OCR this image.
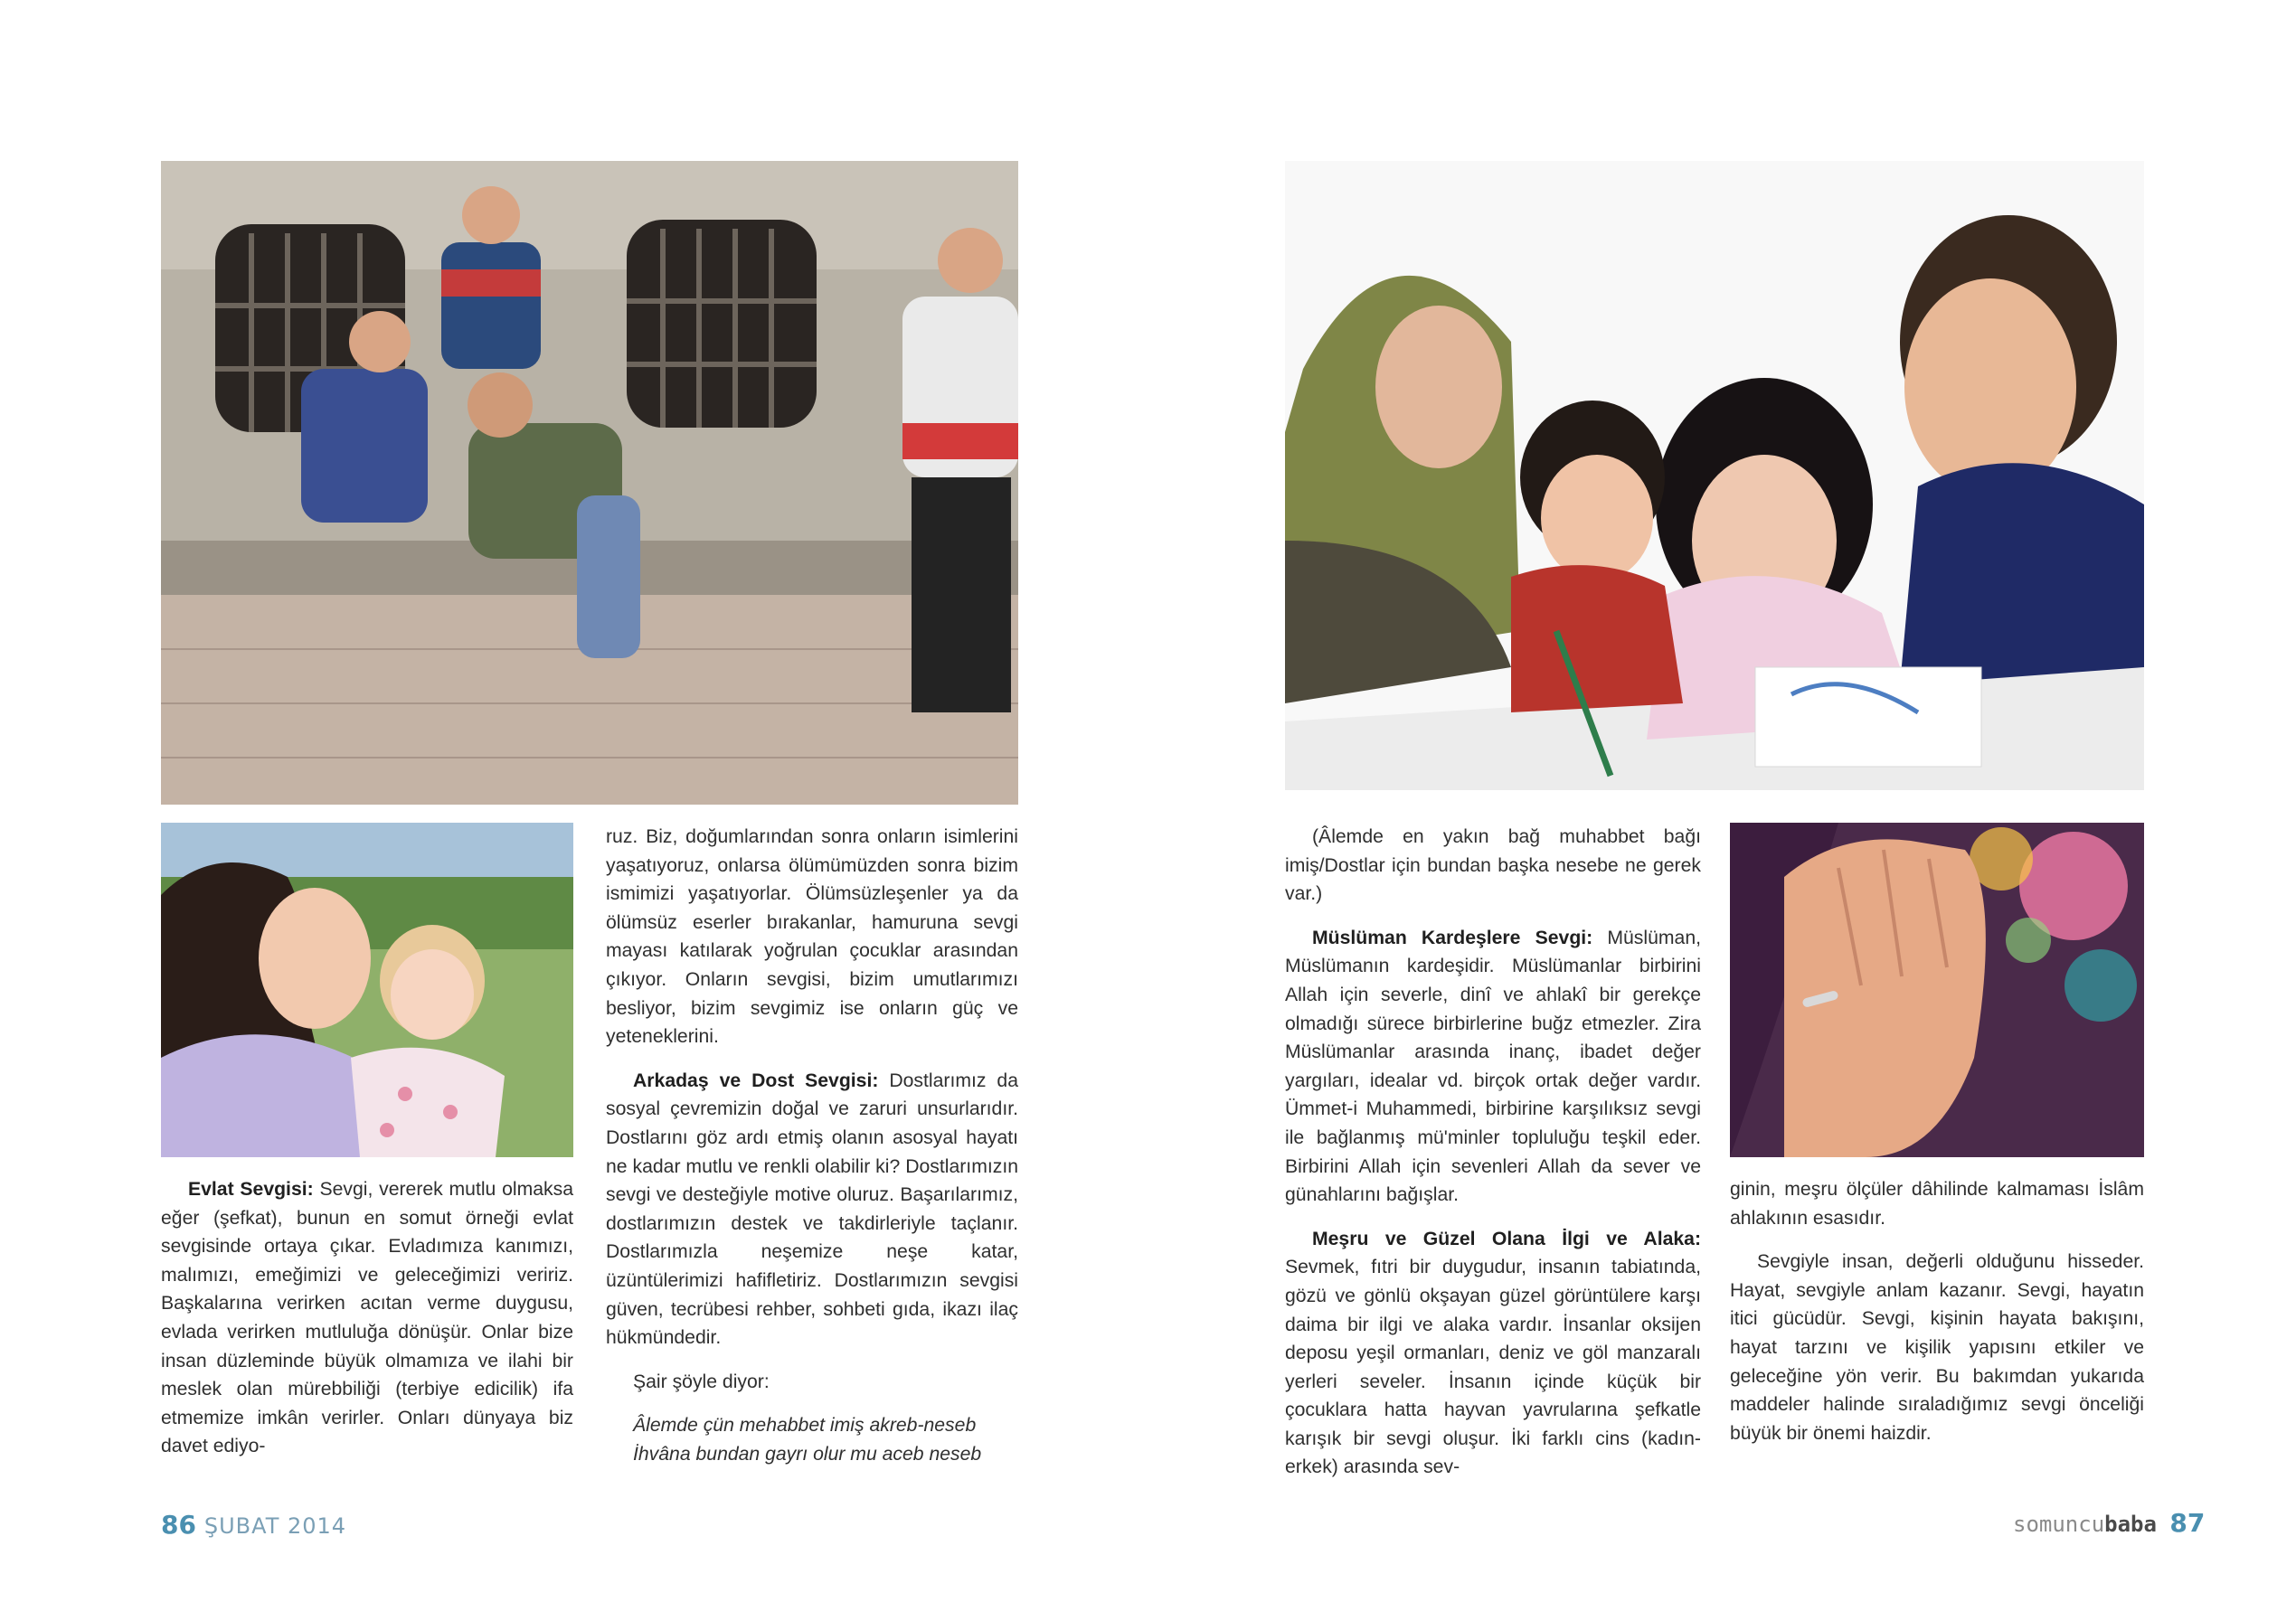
Evlat Sevgisi: Sevgi, vererek mutlu olmaksa eğer (şefkat), bunun en somut örneği evlat sevgisinde ortaya çıkar. Evladımıza kanımızı, malımızı, emeğimizi ve geleceğimizi veririz. Başkalarına verirken acıtan verme duygusu, evlada verirken mutluluğa dönüşür. Onlar bize insan düzleminde büyük olmamıza ve ilahi bir meslek olan mürebbiliği (terbiye edicilik) ifa etmemize imkân verirler. Onları dünyaya biz davet ediyo-

ruz. Biz, doğumlarından sonra onların isimlerini yaşatıyoruz, onlarsa ölümümüzden sonra bizim ismimizi yaşatıyorlar. Ölümsüzleşenler ya da ölümsüz eserler bırakanlar, hamuruna sevgi mayası katılarak yoğrulan çocuklar arasından çıkıyor. Onların sevgisi, bizim umutlarımızı besliyor, bizim sevgimiz ise onların güç ve yeteneklerini.

Arkadaş ve Dost Sevgisi: Dostlarımız da sosyal çevremizin doğal ve zaruri unsurlarıdır. Dostlarını göz ardı etmiş olanın asosyal hayatı ne kadar mutlu ve renkli olabilir ki? Dostlarımızın sevgi ve desteğiyle motive oluruz. Başarılarımız, dostlarımızın destek ve takdirleriyle taçlanır. Dostlarımızla neşemize neşe katar, üzüntülerimizi hafifletiriz. Dostlarımızın sevgisi güven, tecrübesi rehber, sohbeti gıda, ikazı ilaç hükmündedir.

Şair şöyle diyor:

Âlemde çün mehabbet imiş akreb-neseb

İhvâna bundan gayrı olur mu aceb neseb

(Âlemde en yakın bağ muhabbet bağı imiş/Dostlar için bundan başka nesebe ne gerek var.)

Müslüman Kardeşlere Sevgi: Müslüman, Müslümanın kardeşidir. Müslümanlar birbirini Allah için severle, dinî ve ahlakî bir gerekçe olmadığı sürece birbirlerine buğz etmezler. Zira Müslümanlar arasında inanç, ibadet değer yargıları, idealar vd. birçok ortak değer vardır. Ümmet-i Muhammedi, birbirine karşılıksız sevgi ile bağlanmış mü'minler topluluğu teşkil eder. Birbirini Allah için sevenleri Allah da sever ve günahlarını bağışlar.

Meşru ve Güzel Olana İlgi ve Alaka: Sevmek, fıtri bir duygudur, insanın tabiatında, gözü ve gönlü okşayan güzel görüntülere karşı daima bir ilgi ve alaka vardır. İnsanlar oksijen deposu yeşil ormanları, deniz ve göl manzaralı yerleri seveler. İnsanın içinde küçük bir çocuklara hatta hayvan yavrularına şefkatle karışık bir sevgi oluşur. İki farklı cins (kadın-erkek) arasında sev-

ginin, meşru ölçüler dâhilinde kalmaması İslâm ahlakının esasıdır.

Sevgiyle insan, değerli olduğunu hisseder. Hayat, sevgiyle anlam kazanır. Sevgi, hayatın itici gücüdür. Sevgi, kişinin hayata bakışını, hayat tarzını ve kişilik yapısını etkiler ve geleceğine yön verir. Bu bakımdan yukarıda maddeler halinde sıraladığımız sevgi önceliği büyük bir önemi haizdir.

86 ŞUBAT 2014	somuncubaba 87
